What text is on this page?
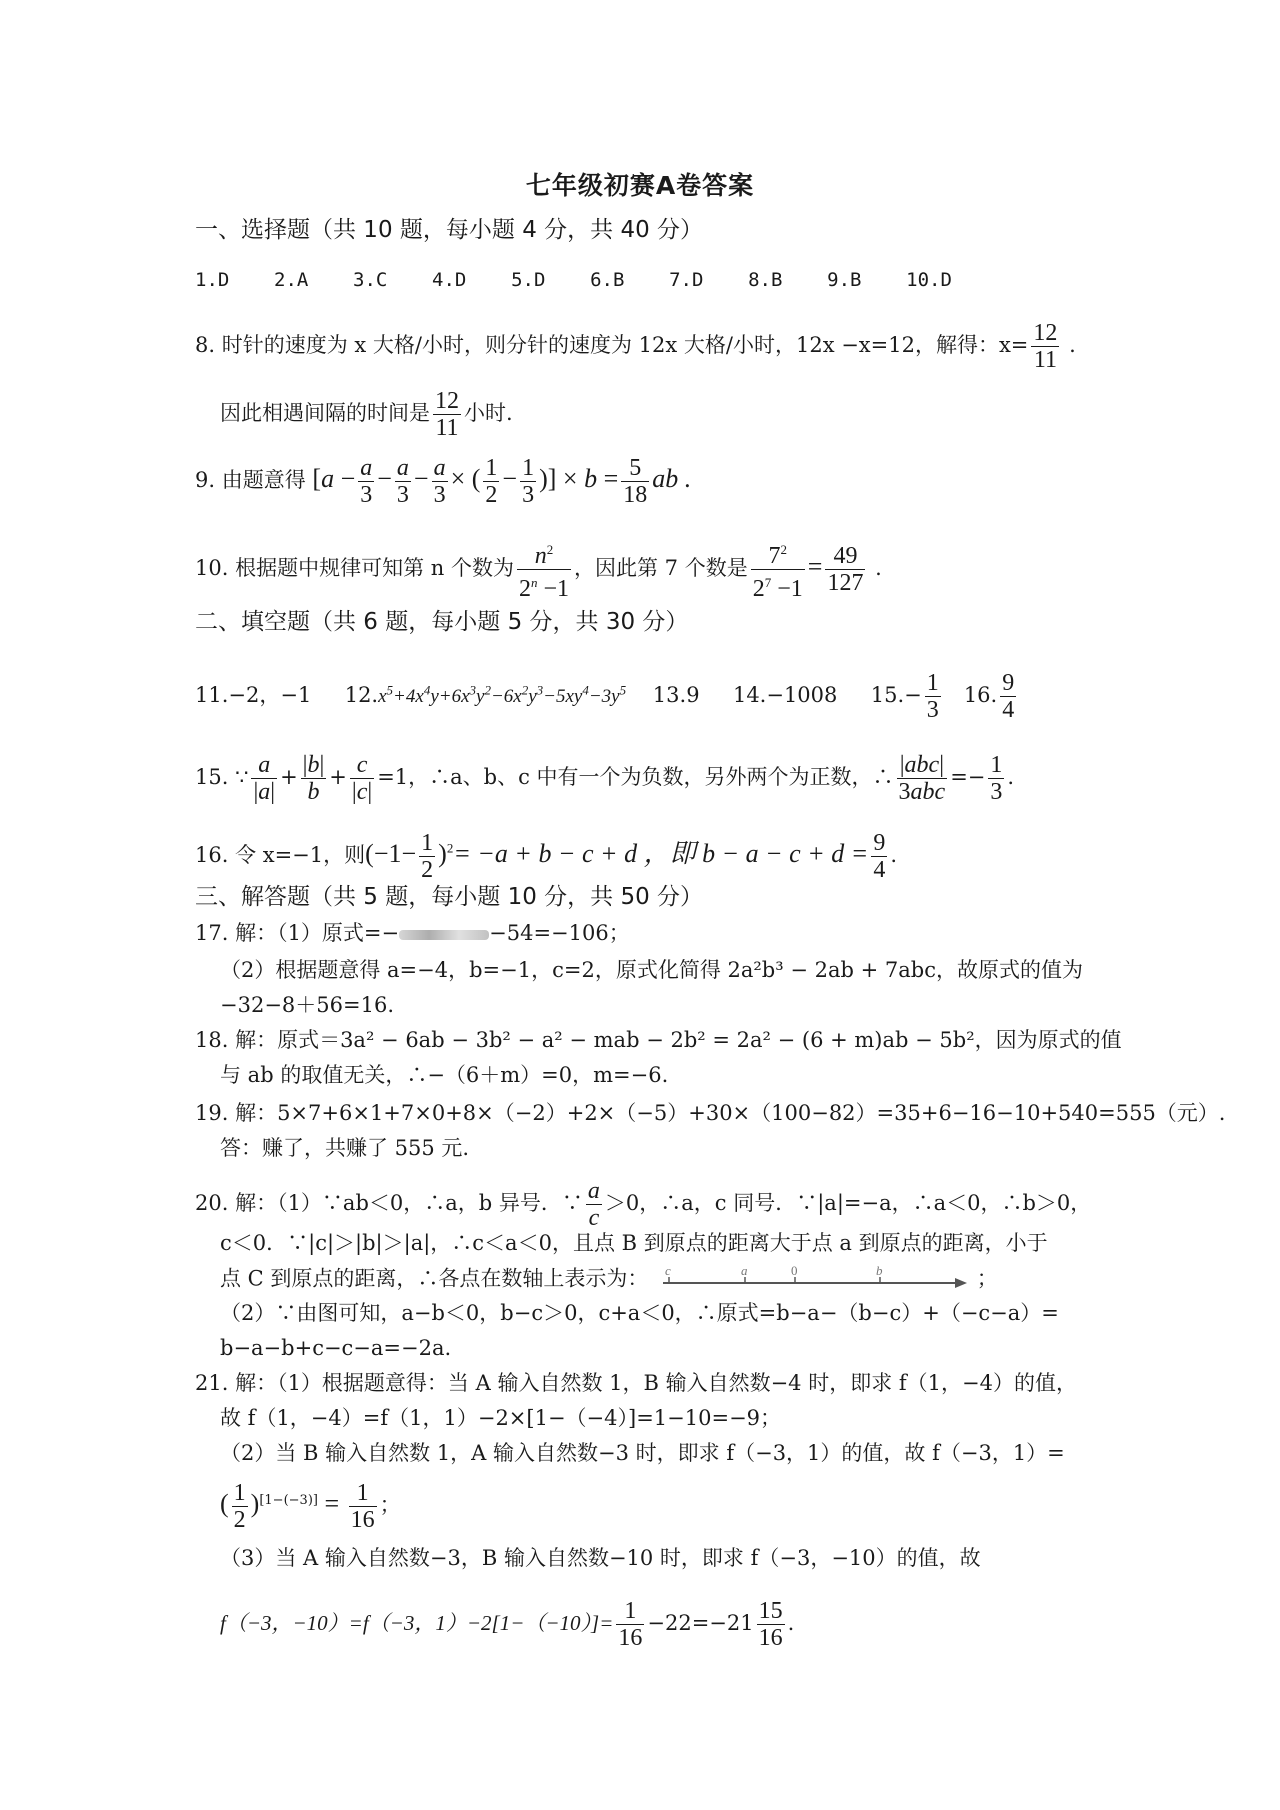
七年级初赛A卷答案
一、选择题（共 10 题，每小题 4 分，共 40 分）
1.D 2.A 3.C 4.D 5.D 6.B 7.D 8.B 9.B 10.D
8. 时针的速度为 x 大格/小时，则分针的速度为 12x 大格/小时，12x −x=12，解得：$x= \frac{12}{11}$ .
因此相遇间隔的时间是 $\frac{12}{11}$ 小时.
9. 由题意得 [$a - \frac{a}{3} - \frac{a}{3} - \frac{a}{3}$ × ( $\frac{1}{2} - \frac{1}{3}$ )] × $b = \frac{5}{18}$ ab .
10. 根据题中规律可知第 n 个数为 $\frac{n^2}{2^n -1}$ ，因此第 7 个数是 $\frac{7^2}{2^7 -1} = \frac{49}{127}$ .
二、填空题（共 6 题，每小题 5 分，共 30 分）
11.−2，−1 $12.x^5+4x^4y+6x^3y^2-6x^2y^3-5xy^4-3y^5$ 13.9 14.−1008 $15.- \frac{1}{3} 16$. $\frac{9}{4}$
15. ∵ $\frac{a}{|a|} + \frac{|b|}{b} + \frac{c}{|c|} =1$，∴a、b、c 中有一个为负数，另外两个为正数，∴ $\frac{\text{|abc|}}{\text{3abc}} =- \frac{1}{3}$ .
16. 令 x=−1，则$(-1- \frac{1}{2} )^2= -a + b - c + d$ ，即 $b - a - c + d = \frac{9}{4}$ .
三、解答题（共 5 题，每小题 10 分，共 50 分）
17. 解：（1）原式=−	−54=−106；
（2）根据题意得 a=−4，b=−1，c=2，原式化简得 2a²b³ − 2ab + 7abc，故原式的值为
−32−8＋56=16.
18. 解：原式＝3a² − 6ab − 3b² − a² − mab − 2b² = 2a² − (6 + m)ab − 5b²，因为原式的值
与 ab 的取值无关，∴−（6＋m）=0，m=−6.
19. 解：5×7+6×1+7×0+8×（−2）+2×（−5）+30×（100−82）=35+6−16−10+540=555（元）.
答：赚了，共赚了 555 元.
20. 解：（1）∵ab＜0，∴a，b 异号．∵ $\frac{a}{c} >0$，∴a，c 同号．∵|a|=−a，∴a＜0，∴b＞0，
c＜0．∵|c|＞|b|＞|a|，∴c＜a＜0，且点 B 到原点的距离大于点 a 到原点的距离，小于
点 C 到原点的距离，∴各点在数轴上表示为： c	a	0	b	；
（2）∵由图可知，a−b＜0，b−c＞0，c+a＜0，∴原式=b−a−（b−c）+（−c−a）=
b−a−b+c−c−a=−2a.
21. 解：（1）根据题意得：当 A 输入自然数 1，B 输入自然数−4 时，即求 f（1，−4）的值，
故 f（1，−4）=f（1，1）−2×[1−（−4）]=1−10=−9；
（2）当 B 输入自然数 1，A 输入自然数−3 时，即求 f（−3，1）的值，故 f（−3，1）=
( $\frac{1}{2} )[1-(-3)] = \frac{1}{16}$ ；
（3）当 A 输入自然数−3，B 输入自然数−10 时，即求 f（−3，−10）的值，故
f（−3，−10）=f（−3，$1)-2[1-(-10)]= \frac{1}{16} -22=-21 \frac{15}{16}$ .
